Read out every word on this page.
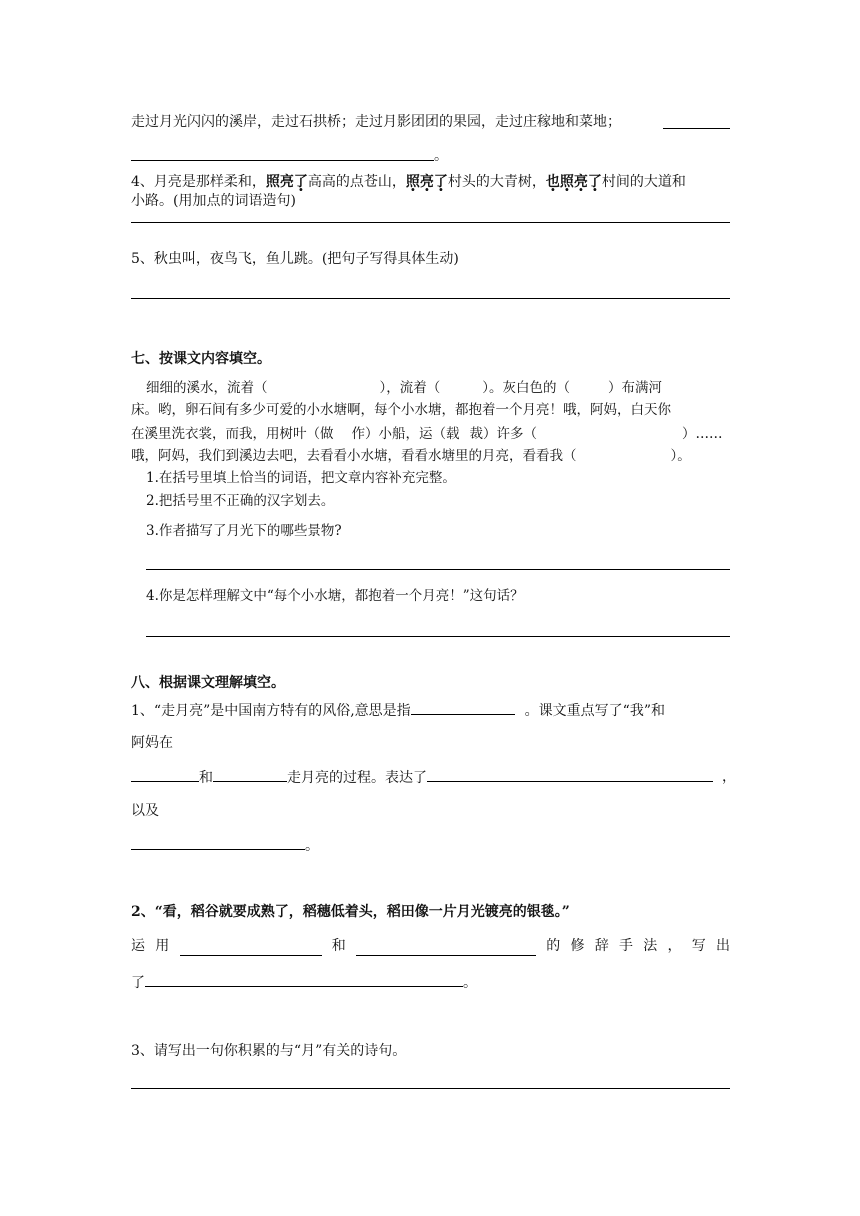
走过月光闪闪的溪岸，走过石拱桥；走过月影团团的果园，走过庄稼地和菜地；
。
4、月亮是那样柔和，照亮了高高的点苍山，照亮了村头的大青树，也照亮了村间的大道和
小路。(用加点的词语造句)
5、秋虫叫，夜鸟飞，鱼儿跳。(把句子写得具体生动)
七、按课文内容填空。
细细的溪水，流着（	），流着（	）。灰白色的（	）布满河
床。哟，卵石间有多少可爱的小水塘啊，每个小水塘，都抱着一个月亮！哦，阿妈，白天你
在溪里洗衣裳，而我，用树叶（做 作）小船，运（载 裁）许多（	）……
哦，阿妈，我们到溪边去吧，去看看小水塘，看看水塘里的月亮，看看我（	）。
1.在括号里填上恰当的词语，把文章内容补充完整。
2.把括号里不正确的汉字划去。
3.作者描写了月光下的哪些景物?
4.你是怎样理解文中“每个小水塘，都抱着一个月亮！”这句话？
八、根据课文理解填空。
1、“走月亮”是中国南方特有的风俗,意思是指	。课文重点写了“我”和
阿妈在
和	走月亮的过程。表达了	，
以及
。
2、“看，稻谷就要成熟了，稻穗低着头，稻田像一片月光镀亮的银毯。”
运 用	和	的 修 辞 手 法 ， 写 出
了	。
3、请写出一句你积累的与“月”有关的诗句。
